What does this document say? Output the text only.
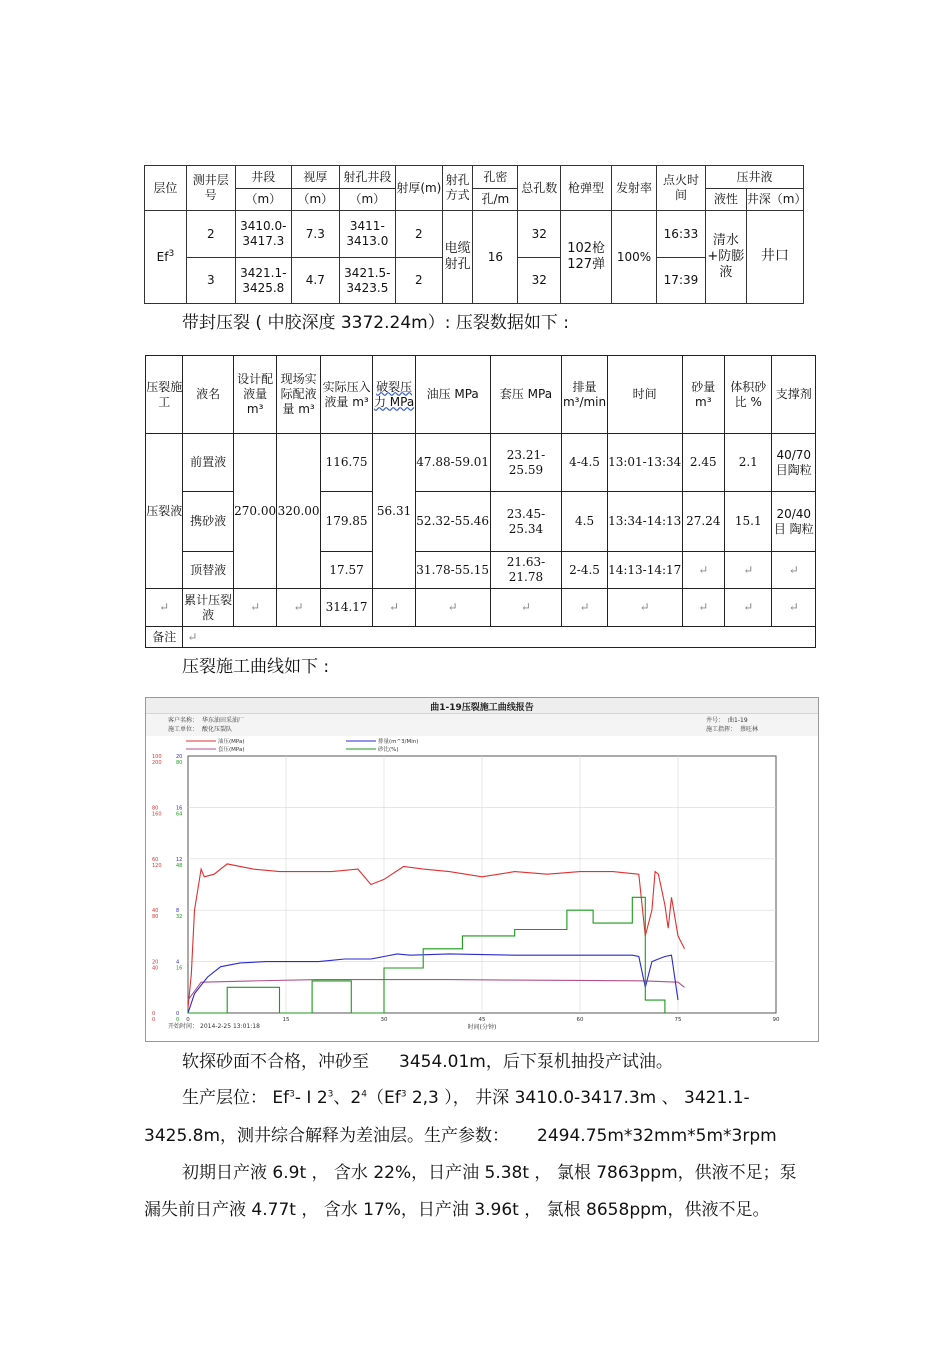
层位	测井层号	井段	视厚	射孔井段	射厚(m)	射孔方式	孔密	总孔数	枪弹型	发射率	点火时间	压井液	
		（m）	（m）	（m）			孔/m					液性	井深（m）
Ef$^3$	2	3410.0-3417.3	7.3	3411-3413.0	2	电缆射孔	16	32	102枪127弹	100%	16:33	清水+防膨液	井口
	3	3421.1-3425.8	4.7	3421.5-3423.5	2			32			17:39		
带封压裂 ( 中胶深度 3372.24m）: 压裂数据如下 :
压裂施工	液名	设计配液量 m³	现场实际配液量 m³	实际压入液量 m³	破裂压力 MPa	油压 MPa	套压 MPa	排量 m³/min	时间	砂量 m³	体积砂比 %	支撑剂
压裂液	前置液	270.00	320.00	116.75	56.31	47.88-59.01	23.21-25.59	4-4.5	13:01-13:34	2.45	2.1	40/70目陶粒
	携砂液			179.85		52.32-55.46	23.45-25.34	4.5	13:34-14:13	27.24	15.1	20/40目 陶粒
	顶替液			17.57		31.78-55.15	21.63-21.78	2-4.5	14:13-14:17	↵	↵	↵
↵	累计压裂液	↵	↵	314.17	↵	↵	↵	↵	↵	↵	↵	↵
备注	↵											
压裂施工曲线如下 :
曲1-19压裂施工曲线报告
客户名称： 华东油田采油厂
施工单位： 酸化压裂队
井号： 曲1-19
施工指挥： 蔡旺林
油压(MPa)
套压(MPa)
排量(m^3/Min)
砂比(%)
100
80
60
40
20
0
200
160
120
80
40
0
20
16
12
8
4
0
80
64
48
32
16
0 0	15	30	45	60	75	90
开始时间： 2014-2-25 13:01:18	时间(分钟)
软探砂面不合格，冲砂至 3454.01m，后下泵机抽投产试油。
生产层位： Ef$^3$- Ⅰ $2^3$、$2^4(Ef^3$ 2,3 ）， 井深 3410.0-3417.3m 、 3421.1-
3425.8m，测井综合解释为差油层。生产参数： 2494.75m*32mm*5m*3rpm
初期日产液 6.9t ， 含水 22%，日产油 5.38t ， 氯根 7863ppm，供液不足；泵
漏失前日产液 4.77t ， 含水 17%，日产油 3.96t ， 氯根 8658ppm，供液不足。
